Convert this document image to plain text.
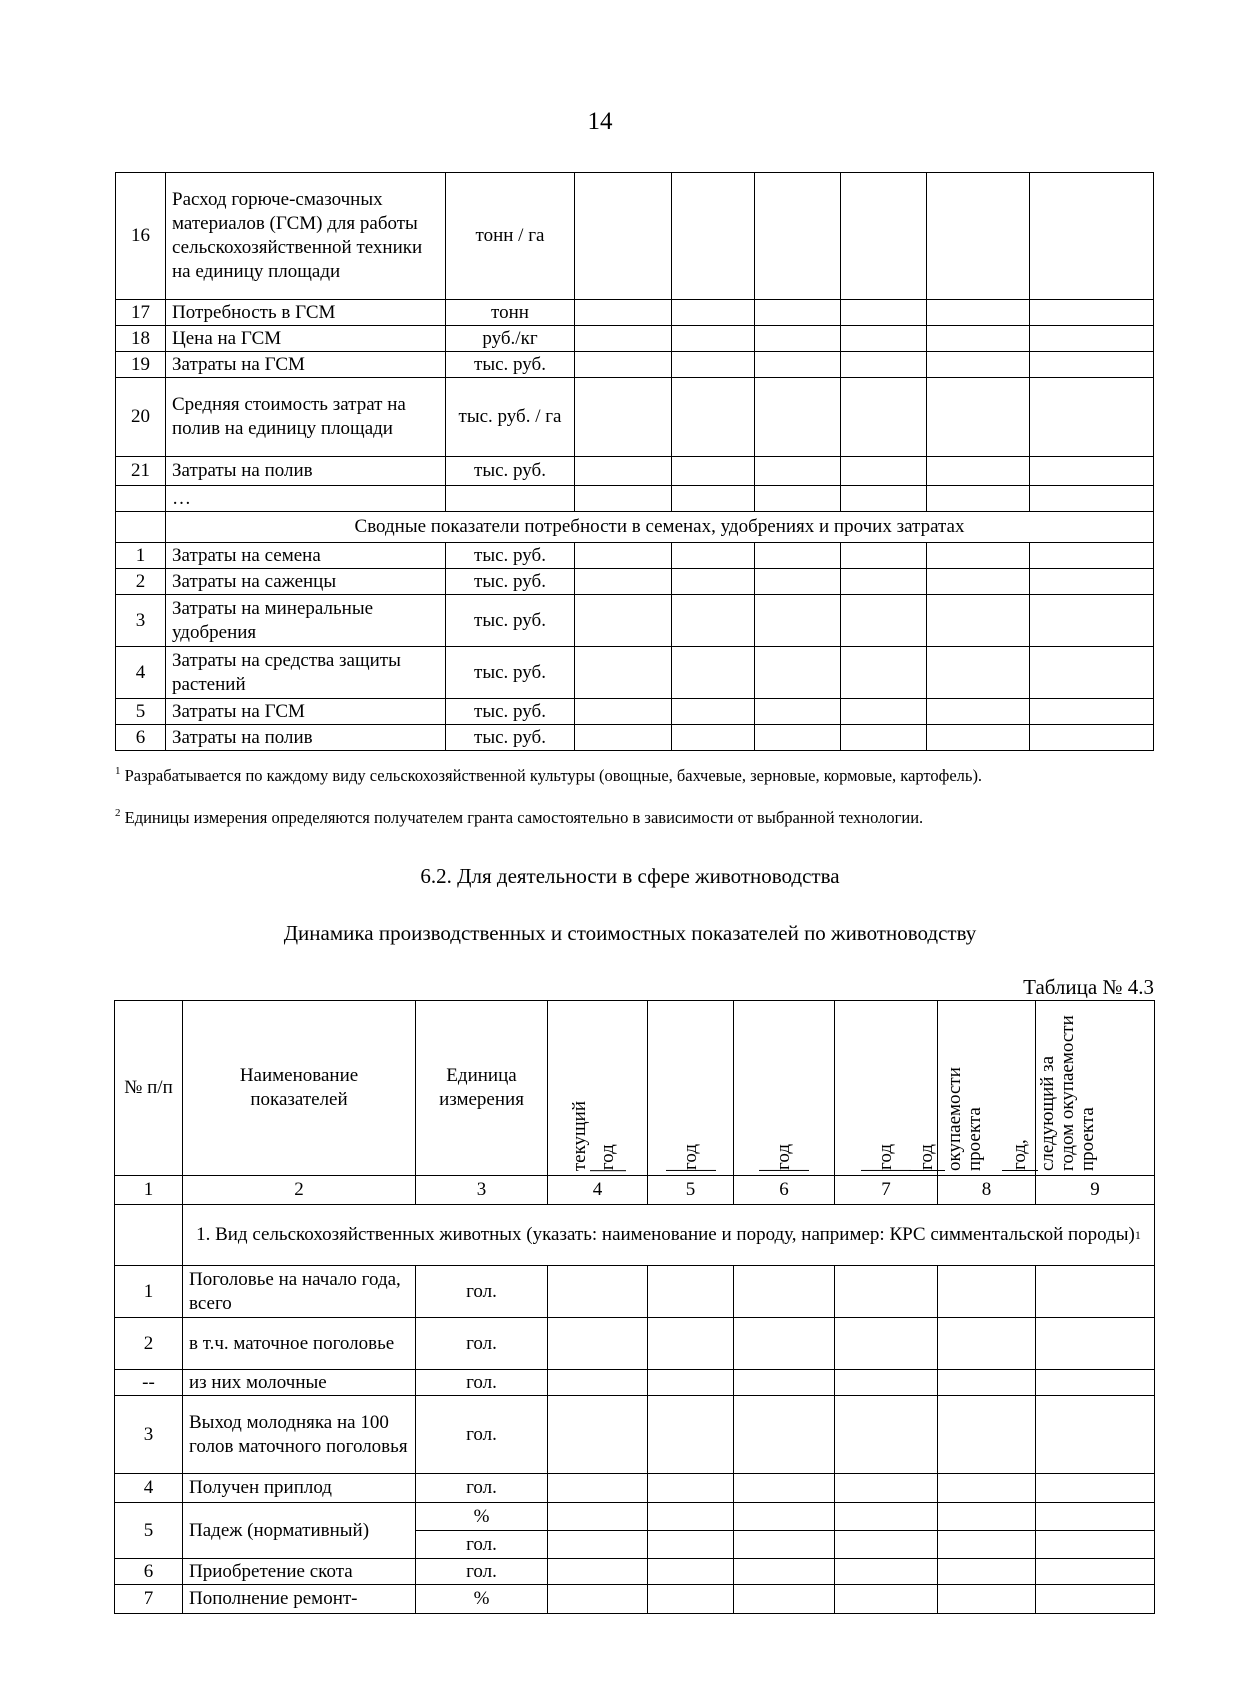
14
16	Расход горюче-смазочных материалов (ГСМ) для работы сельскохозяйственной техники на единицу площади	тонн / га						
17	Потребность в ГСМ	тонн						
18	Цена на ГСМ	руб./кг						
19	Затраты на ГСМ	тыс. руб.						
20	Средняя стоимость затрат на полив на единицу площади	тыс. руб. / га						
21	Затраты на полив	тыс. руб.						
	…							
	Сводные показатели потребности в семенах, удобрениях и прочих затратах							
1	Затраты на семена	тыс. руб.						
2	Затраты на саженцы	тыс. руб.						
3	Затраты на минеральные удобрения	тыс. руб.						
4	Затраты на средства защиты растений	тыс. руб.						
5	Затраты на ГСМ	тыс. руб.						
6	Затраты на полив	тыс. руб.						
$^1$ Разрабатывается по каждому виду сельскохозяйственной культуры (овощные, бахчевые, зерновые, кормовые, картофель).
$^2$ Единицы измерения определяются получателем гранта самостоятельно в зависимости от выбранной технологии.
6.2. Для деятельности в сфере животноводства
Динамика производственных и стоимостных показателей по животноводству
Таблица № 4.3
№ п/п	Наименование показателей	Единица измерения	текущий год	год	год	год	год окупаемости проекта	год, следующий за годом окупаемости проекта

1	2	3	4	5	6	7	8	9
	1. Вид сельскохозяйственных животных (указать: наименование и породу, например: КРС симментальской породы)$^1$
1	Поголовье на начало года, всего	гол.						
2	в т.ч. маточное поголовье	гол.						
--	из них молочные	гол.						
3	Выход молодняка на 100 голов маточного поголовья	гол.						
4	Получен приплод	гол.						
5	Падеж (нормативный)	%						
		гол.						
6	Приобретение скота	гол.						
7	Пополнение ремонт-	%						
